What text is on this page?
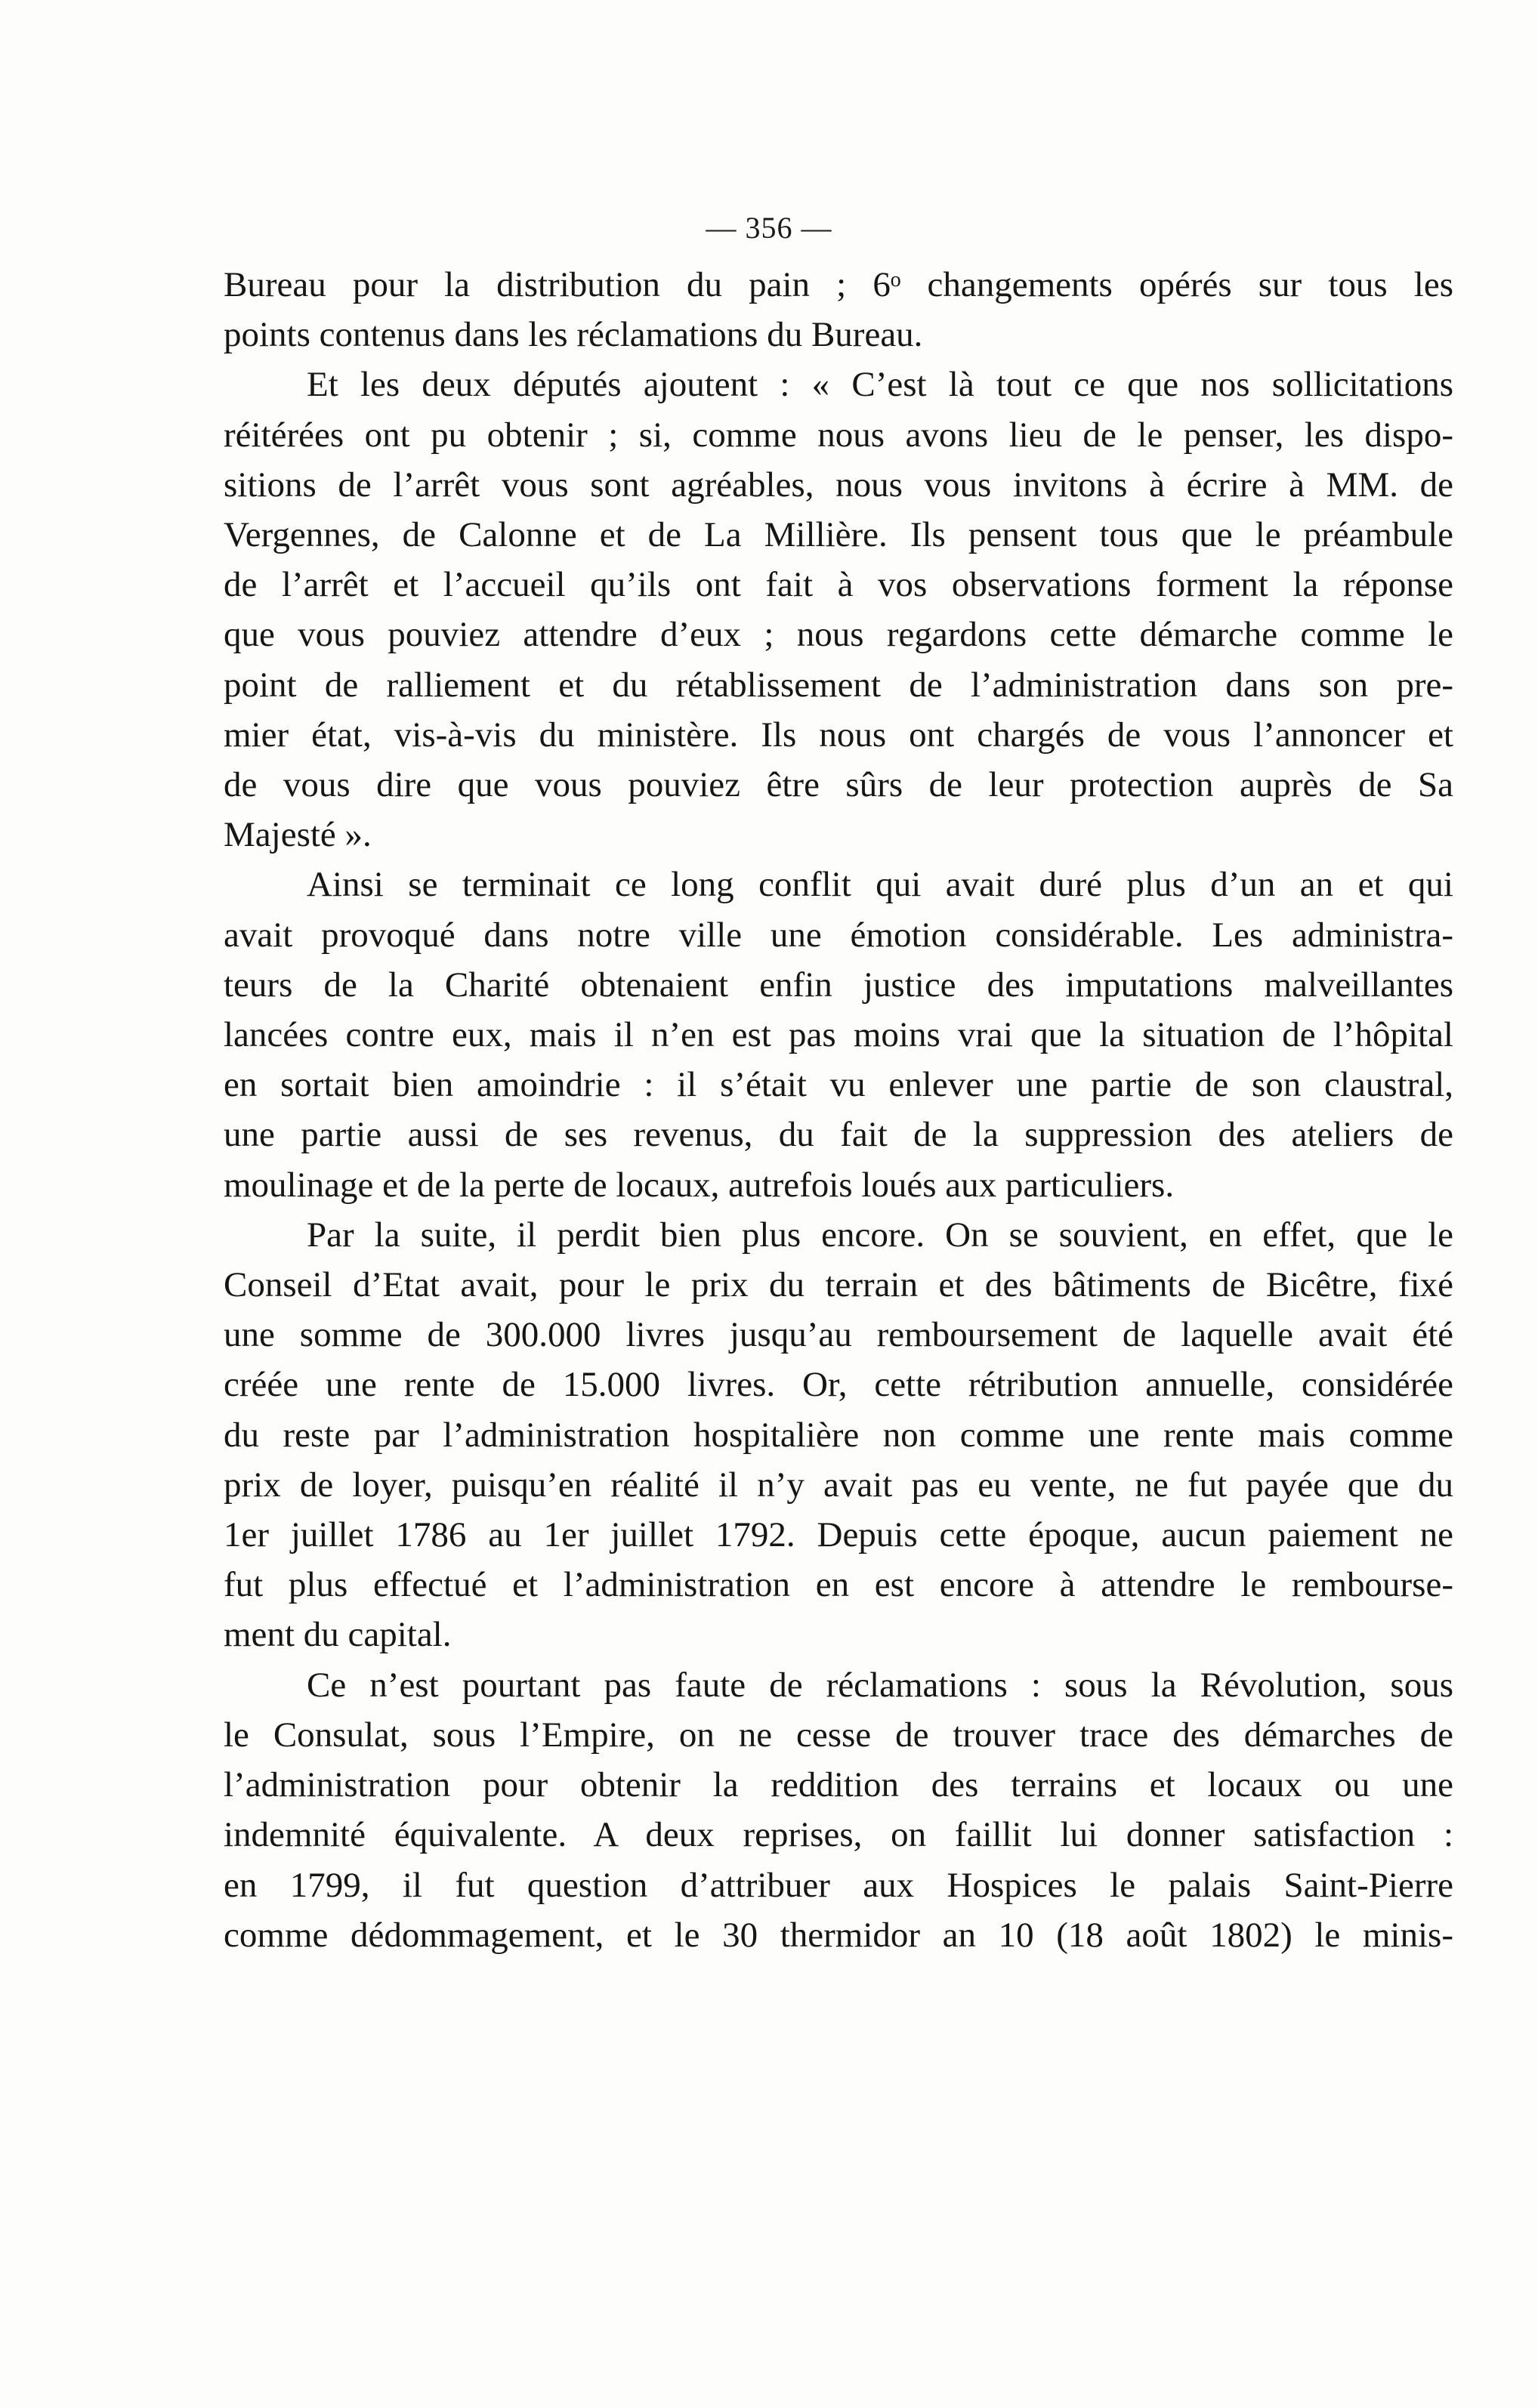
— 356 —
Bureau pour la distribution du pain ; 6ᵒ changements opérés sur tous les
points contenus dans les réclamations du Bureau.
Et les deux députés ajoutent : « C’est là tout ce que nos sollicitations
réitérées ont pu obtenir ; si, comme nous avons lieu de le penser, les dispo-
sitions de l’arrêt vous sont agréables, nous vous invitons à écrire à MM. de
Vergennes, de Calonne et de La Millière. Ils pensent tous que le préambule
de l’arrêt et l’accueil qu’ils ont fait à vos observations forment la réponse
que vous pouviez attendre d’eux ; nous regardons cette démarche comme le
point de ralliement et du rétablissement de l’administration dans son pre-
mier état, vis-à-vis du ministère. Ils nous ont chargés de vous l’annoncer et
de vous dire que vous pouviez être sûrs de leur protection auprès de Sa
Majesté ».
Ainsi se terminait ce long conflit qui avait duré plus d’un an et qui
avait provoqué dans notre ville une émotion considérable. Les administra-
teurs de la Charité obtenaient enfin justice des imputations malveillantes
lancées contre eux, mais il n’en est pas moins vrai que la situation de l’hôpital
en sortait bien amoindrie : il s’était vu enlever une partie de son claustral,
une partie aussi de ses revenus, du fait de la suppression des ateliers de
moulinage et de la perte de locaux, autrefois loués aux particuliers.
Par la suite, il perdit bien plus encore. On se souvient, en effet, que le
Conseil d’Etat avait, pour le prix du terrain et des bâtiments de Bicêtre, fixé
une somme de 300.000 livres jusqu’au remboursement de laquelle avait été
créée une rente de 15.000 livres. Or, cette rétribution annuelle, considérée
du reste par l’administration hospitalière non comme une rente mais comme
prix de loyer, puisqu’en réalité il n’y avait pas eu vente, ne fut payée que du
1er juillet 1786 au 1er juillet 1792. Depuis cette époque, aucun paiement ne
fut plus effectué et l’administration en est encore à attendre le rembourse-
ment du capital.
Ce n’est pourtant pas faute de réclamations : sous la Révolution, sous
le Consulat, sous l’Empire, on ne cesse de trouver trace des démarches de
l’administration pour obtenir la reddition des terrains et locaux ou une
indemnité équivalente. A deux reprises, on faillit lui donner satisfaction :
en 1799, il fut question d’attribuer aux Hospices le palais Saint-Pierre
comme dédommagement, et le 30 thermidor an 10 (18 août 1802) le minis-
